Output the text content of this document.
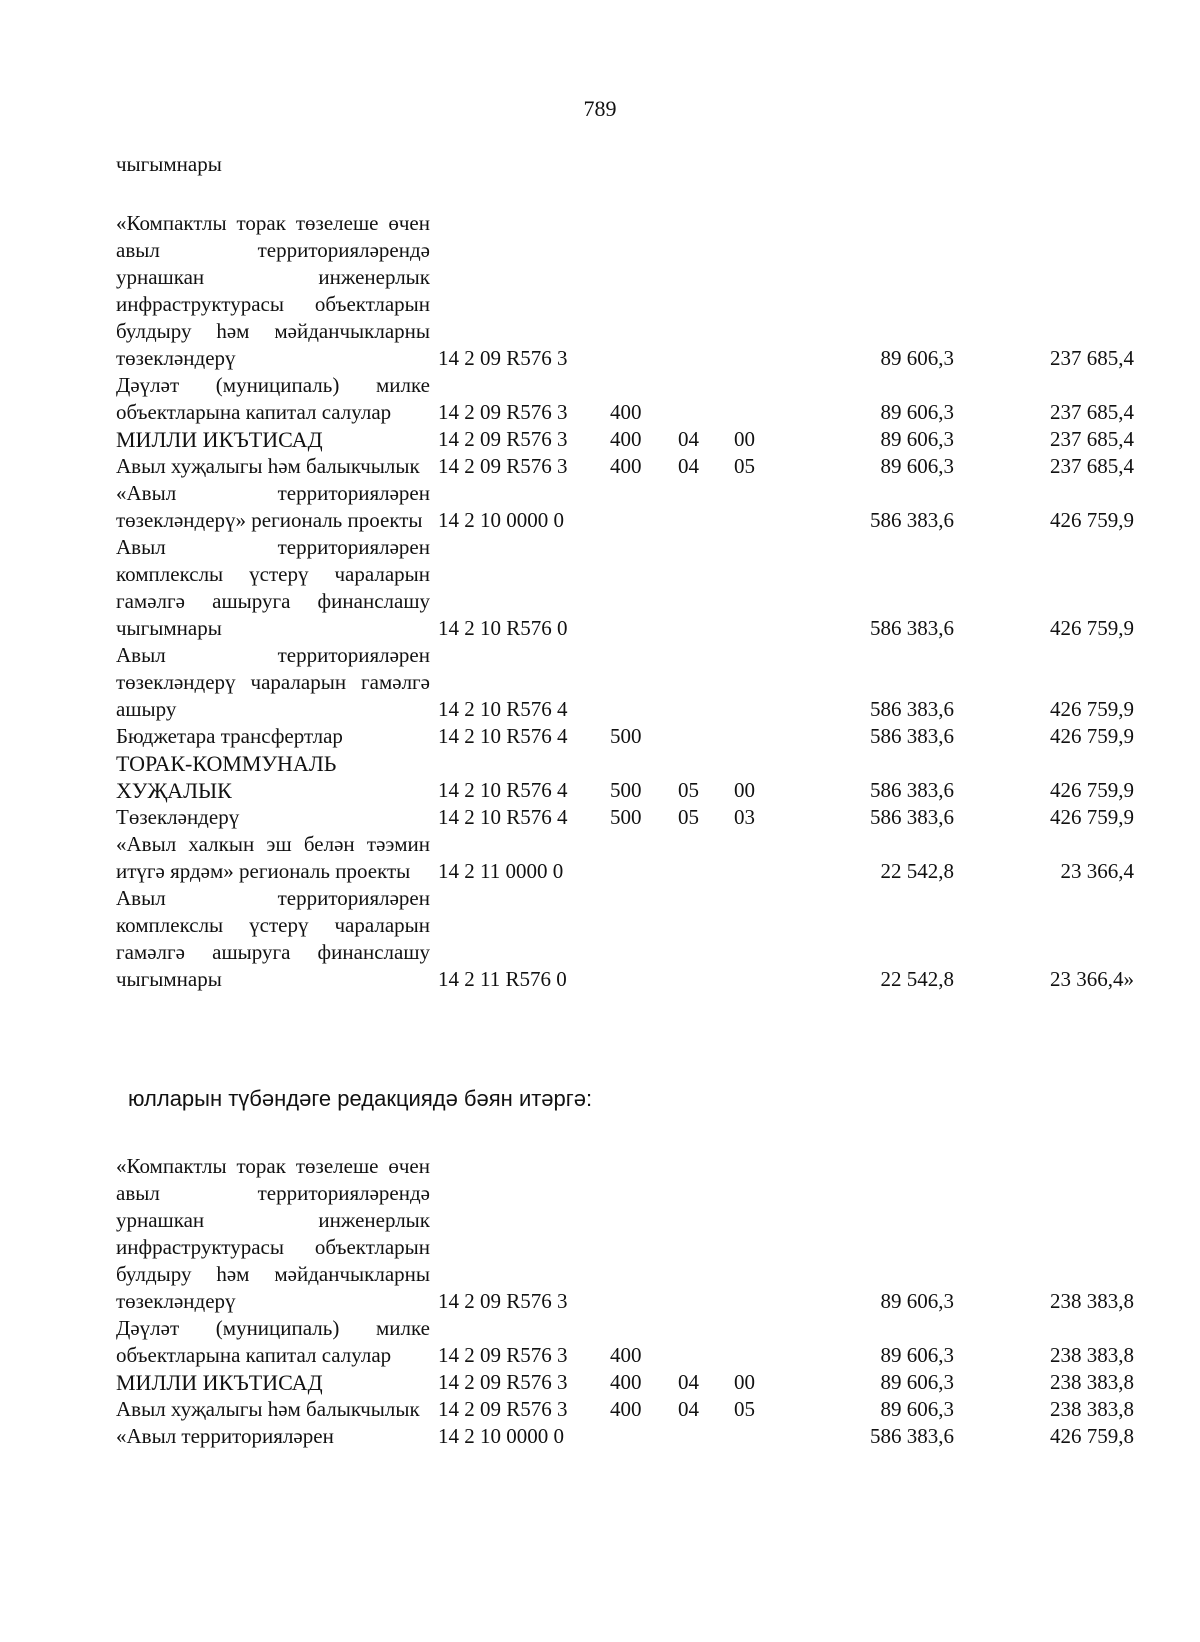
789
чыгымнары
«Компактлы торак төзелеше өчен авыл территорияләрендә урнашкан инженерлык инфраструктурасы объектларын булдыру һәм мәйданчыкларны төзекләндерү	14 2 09 R576 3				89 606,3	237 685,4
Дәүләт (муниципаль) милке объектларына капитал салулар	14 2 09 R576 3	400			89 606,3	237 685,4
МИЛЛИ ИКЪТИСАД	14 2 09 R576 3	400	04	00	89 606,3	237 685,4
Авыл хуҗалыгы һәм балыкчылык	14 2 09 R576 3	400	04	05	89 606,3	237 685,4
«Авыл территорияләрен төзекләндерү» региональ проекты	14 2 10 0000 0				586 383,6	426 759,9
Авыл территорияләрен комплекслы үстерү чараларын гамәлгә ашыруга финанслашу чыгымнары	14 2 10 R576 0				586 383,6	426 759,9
Авыл территорияләрен төзекләндерү чараларын гамәлгә ашыру	14 2 10 R576 4				586 383,6	426 759,9
Бюджетара трансфертлар	14 2 10 R576 4	500			586 383,6	426 759,9
ТОРАК-КОММУНАЛЬ ХУҖАЛЫК	14 2 10 R576 4	500	05	00	586 383,6	426 759,9
Төзекләндерү	14 2 10 R576 4	500	05	03	586 383,6	426 759,9
«Авыл халкын эш белән тәэмин итүгә ярдәм» региональ проекты	14 2 11 0000 0				22 542,8	23 366,4
Авыл территорияләрен комплекслы үстерү чараларын гамәлгә ашыруга финанслашу чыгымнары	14 2 11 R576 0				22 542,8	23 366,4»
юлларын түбәндәге редакциядә бәян итәргә:
«Компактлы торак төзелеше өчен авыл территорияләрендә урнашкан инженерлык инфраструктурасы объектларын булдыру һәм мәйданчыкларны төзекләндерү	14 2 09 R576 3				89 606,3	238 383,8
Дәүләт (муниципаль) милке объектларына капитал салулар	14 2 09 R576 3	400			89 606,3	238 383,8
МИЛЛИ ИКЪТИСАД	14 2 09 R576 3	400	04	00	89 606,3	238 383,8
Авыл хуҗалыгы һәм балыкчылык	14 2 09 R576 3	400	04	05	89 606,3	238 383,8
«Авыл территорияләрен	14 2 10 0000 0				586 383,6	426 759,8
